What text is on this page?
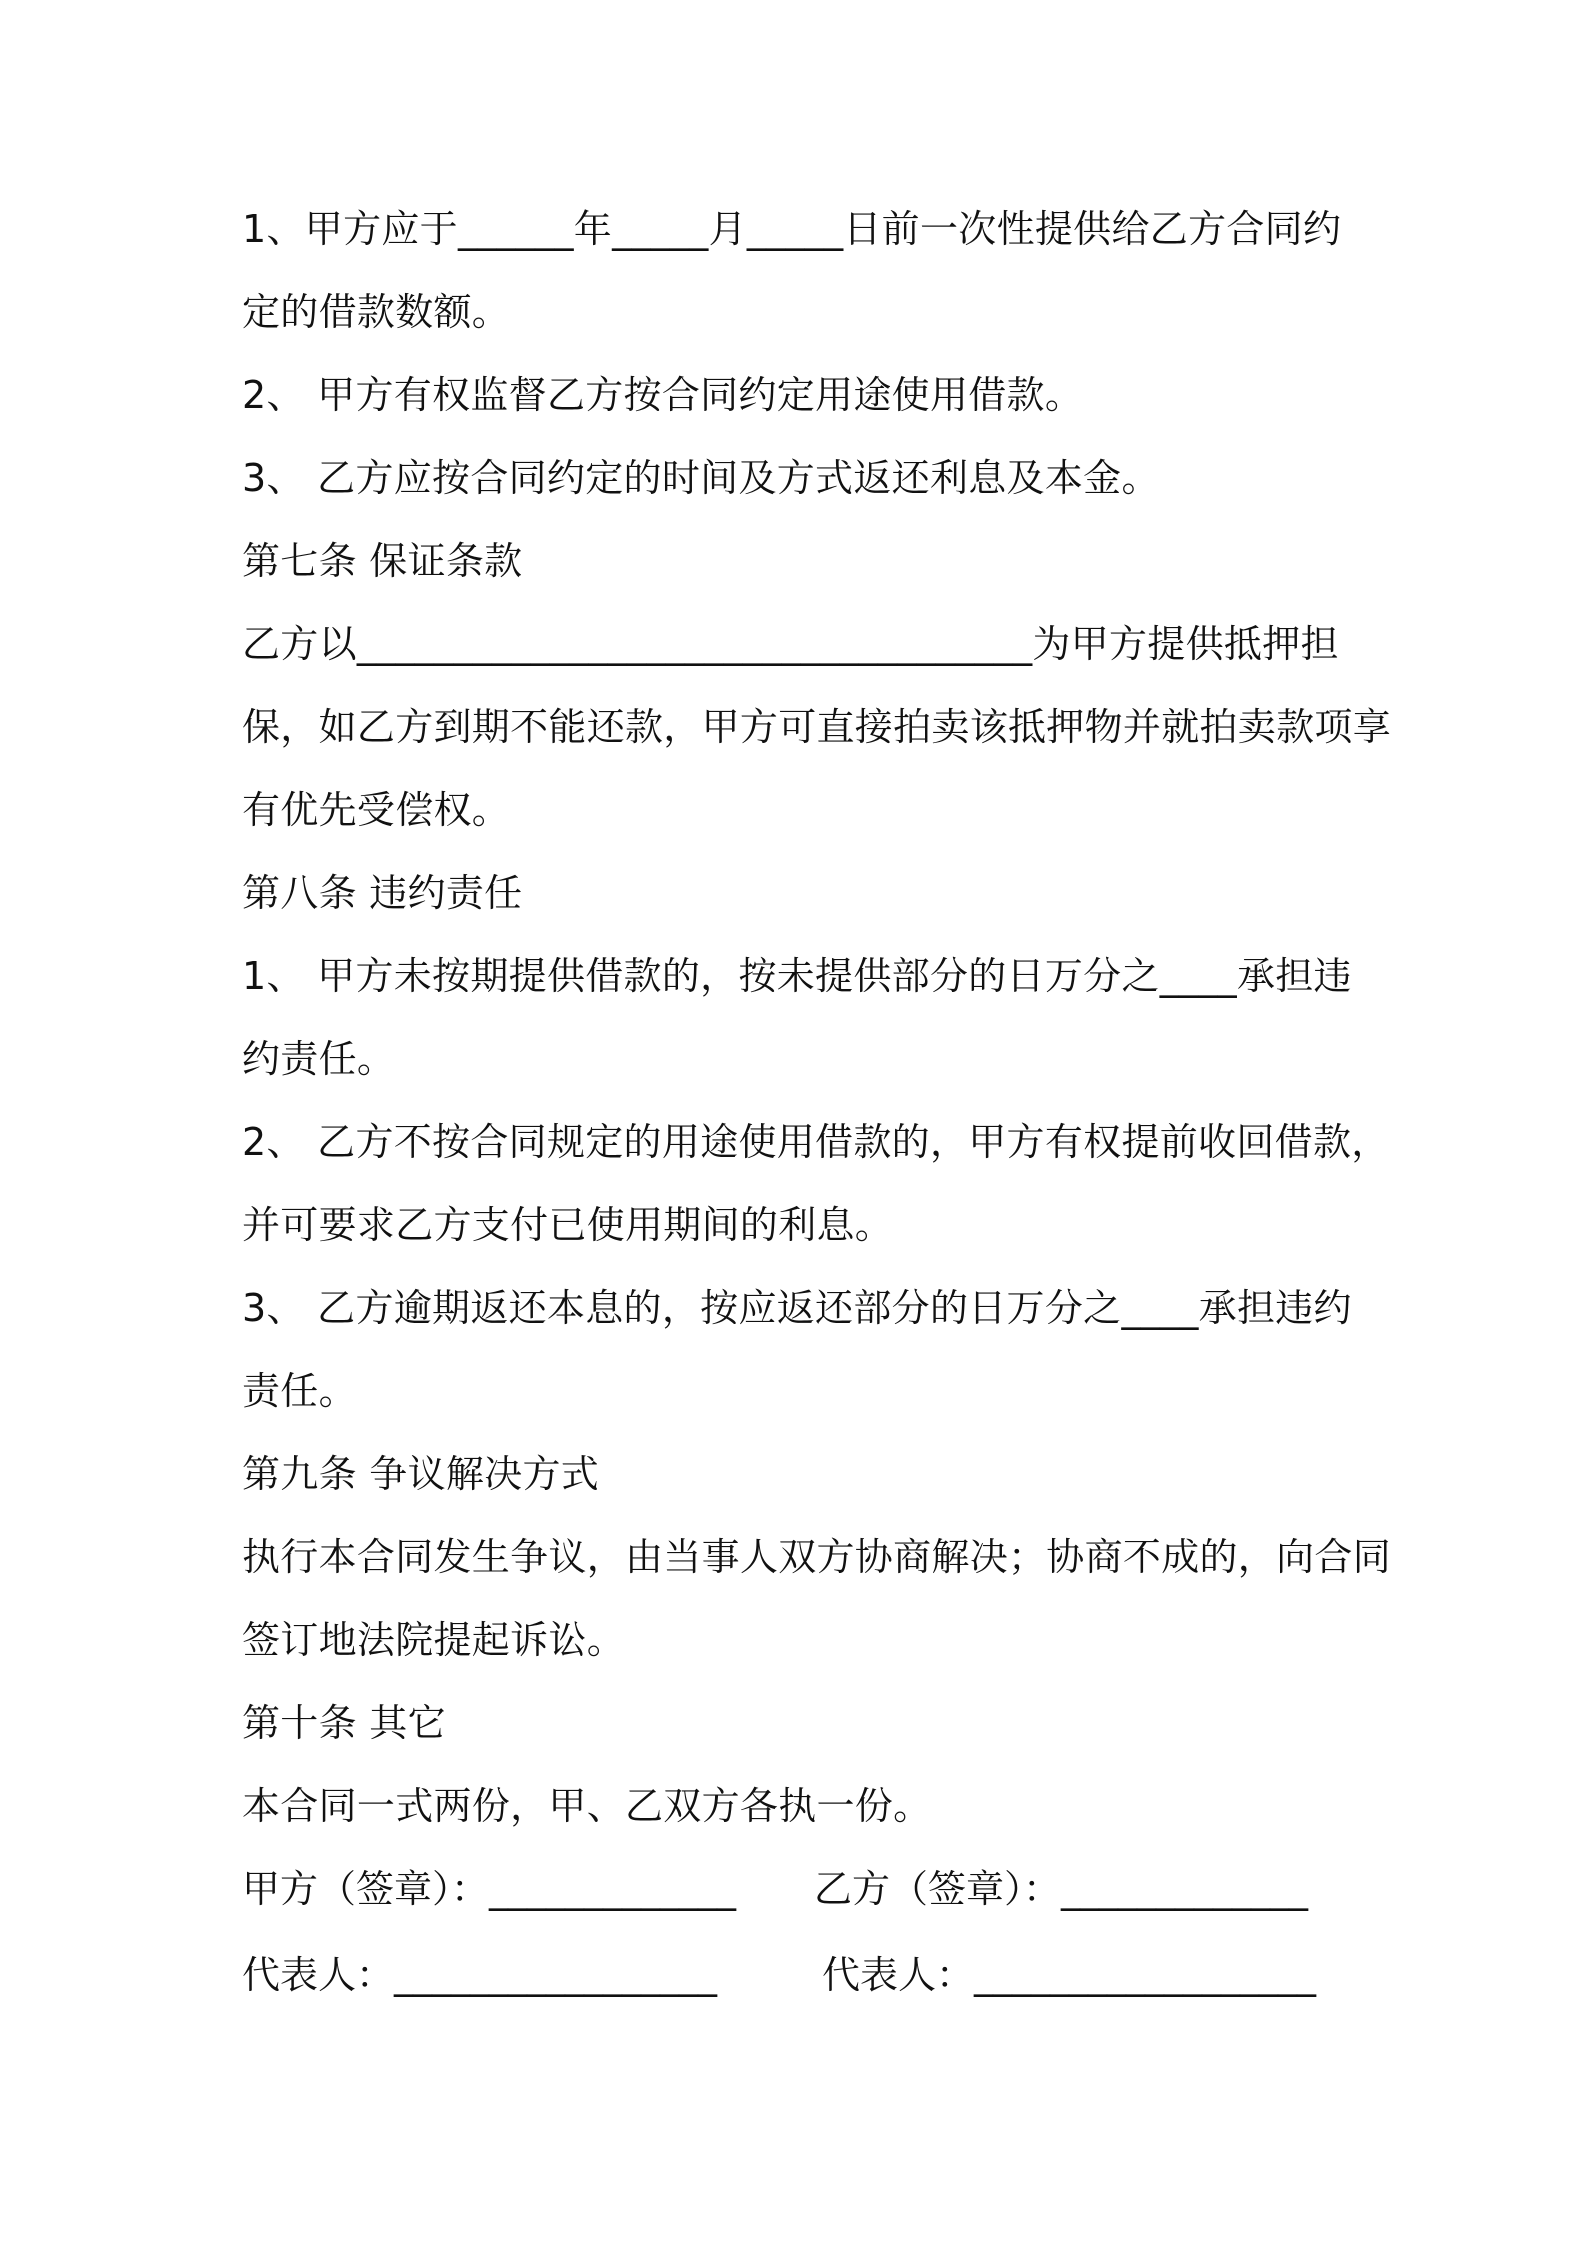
1、甲方应于______年_____月_____日前一次性提供给乙方合同约
定的借款数额。
2、 甲方有权监督乙方按合同约定用途使用借款。
3、 乙方应按合同约定的时间及方式返还利息及本金。
第七条 保证条款
乙方以___________________________________为甲方提供抵押担
保，如乙方到期不能还款，甲方可直接拍卖该抵押物并就拍卖款项享
有优先受偿权。
第八条 违约责任
1、 甲方未按期提供借款的，按未提供部分的日万分之____承担违
约责任。
2、 乙方不按合同规定的用途使用借款的，甲方有权提前收回借款，
并可要求乙方支付已使用期间的利息。
3、 乙方逾期返还本息的，按应返还部分的日万分之____承担违约
责任。
第九条 争议解决方式
执行本合同发生争议，由当事人双方协商解决；协商不成的，向合同
签订地法院提起诉讼。
第十条 其它
本合同一式两份，甲、乙双方各执一份。
甲方（签章）：_____________ 乙方（签章）：_____________
代表人：_________________	代表人：__________________
